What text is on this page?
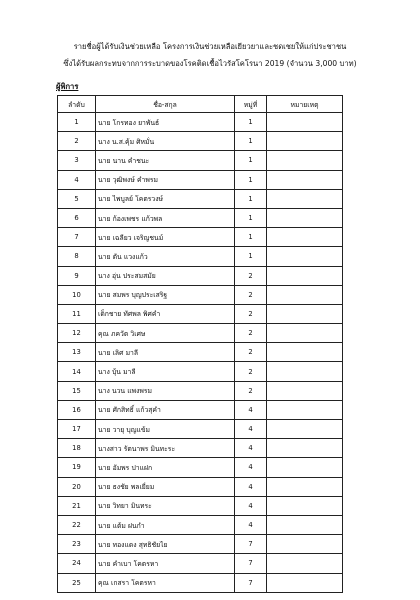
รายชื่อผู้ได้รับเงินช่วยเหลือ โครงการเงินช่วยเหลือเยียวยาและชดเชยให้แก่ประชาชน
ซึ่งได้รับผลกระทบจากการระบาดของโรคติดเชื้อไวรัสโคโรนา 2019 (จำนวน 3,000 บาท)
ผู้พิการ
ลำดับ	ชื่อ-สกุล	หมู่ที่	หมายเหตุ
1	นาย โกรทอง ยาพันธ์	1	
2	นาง น.ส.คุ้ม ศิหมั่น	1	
3	นาย นาน คำชนะ	1	
4	นาย วุฒิพงษ์ คำพรม	1	
5	นาย ไพบูลย์ โคตรวงษ์	1	
6	นาย ก้องเพชร แก้วพล	1	
7	นาย เฉลียว เจริญชนม์	1	
8	นาย ตัน แวงแก้ว	1	
9	นาง อุ่น ประสมสมัย	2	
10	นาย สมพร บุญประเสริฐ	2	
11	เด็กชาย ทัศพล พิศคำ	2	
12	คุณ ภควัต วิเศษ	2	
13	นาย เลิศ มาลี	2	
14	นาง บุ้น มาลี	2	
15	นาง นวน แพงพรม	2	
16	นาย ศักสิทธิ์ แก้วสุคำ	4	
17	นาย วายุ บุญแข้ม	4	
18	นางสาว รัตนาพร มินทะระ	4	
19	นาย อัมพร ปาแฝก	4	
20	นาย ธงชัย พลเยี่ยม	4	
21	นาย วิทยา มินทระ	4	
22	นาย แต้ม ฝนกำ	4	
23	นาย ทองแดง สุทธิชัยไย	7	
24	นาย คำเบา โคตรหา	7	
25	คุณ เกสรา โคตรหา	7	
